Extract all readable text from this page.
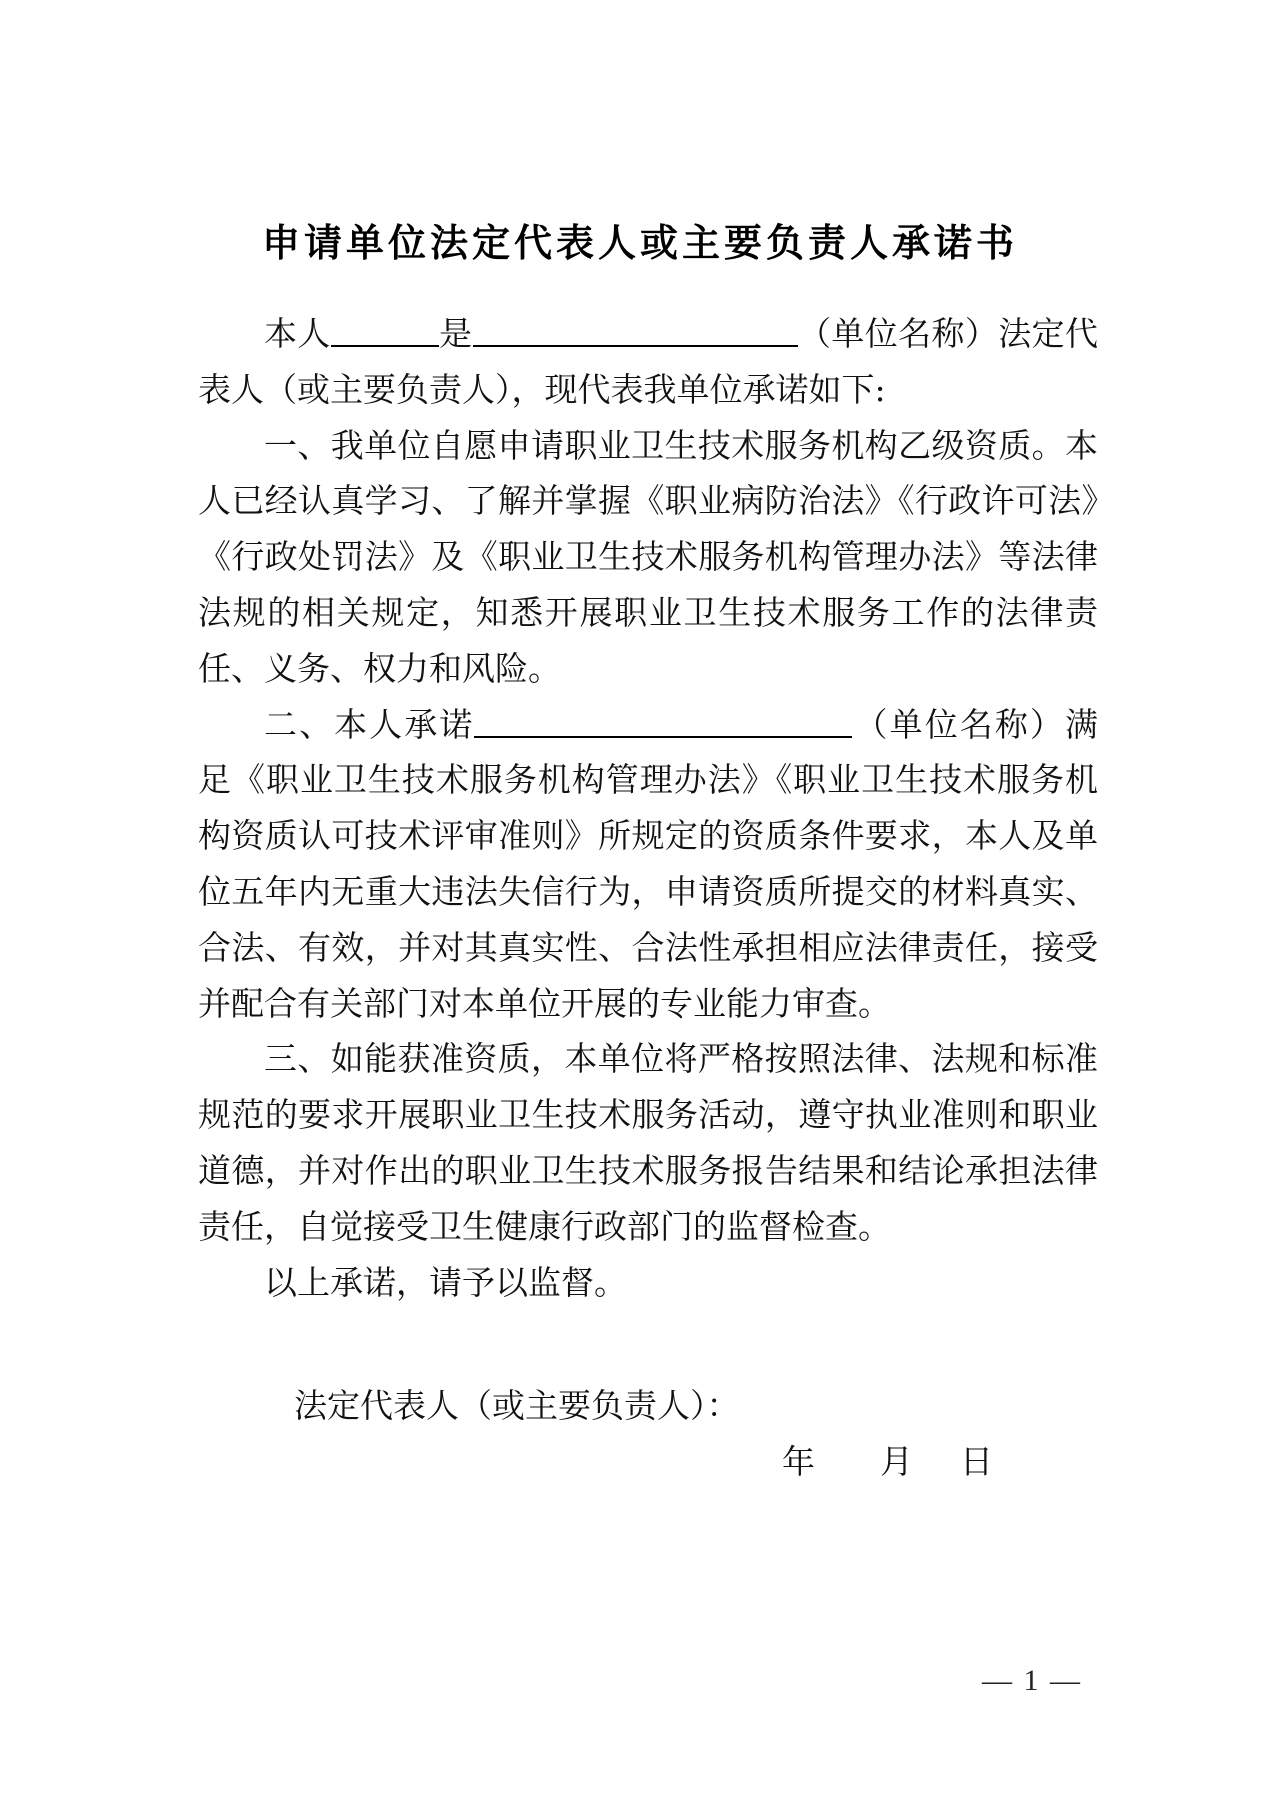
申请单位法定代表人或主要负责人承诺书

本人	是	（单位名称）法定代表人（或主要负责人），现代表我单位承诺如下:

一、我单位自愿申请职业卫生技术服务机构乙级资质。本人已经认真学习、了解并掌握《职业病防治法》《行政许可法》《行政处罚法》及《职业卫生技术服务机构管理办法》等法律法规的相关规定，知悉开展职业卫生技术服务工作的法律责任、义务、权力和风险。

二、本人承诺	（单位名称）满足《职业卫生技术服务机构管理办法》《职业卫生技术服务机构资质认可技术评审准则》所规定的资质条件要求，本人及单位五年内无重大违法失信行为，申请资质所提交的材料真实、合法、有效，并对其真实性、合法性承担相应法律责任，接受并配合有关部门对本单位开展的专业能力审查。

三、如能获准资质，本单位将严格按照法律、法规和标准规范的要求开展职业卫生技术服务活动，遵守执业准则和职业道德，并对作出的职业卫生技术服务报告结果和结论承担法律责任，自觉接受卫生健康行政部门的监督检查。

以上承诺，请予以监督。

法定代表人（或主要负责人）：
年 月 日
— 1 —
